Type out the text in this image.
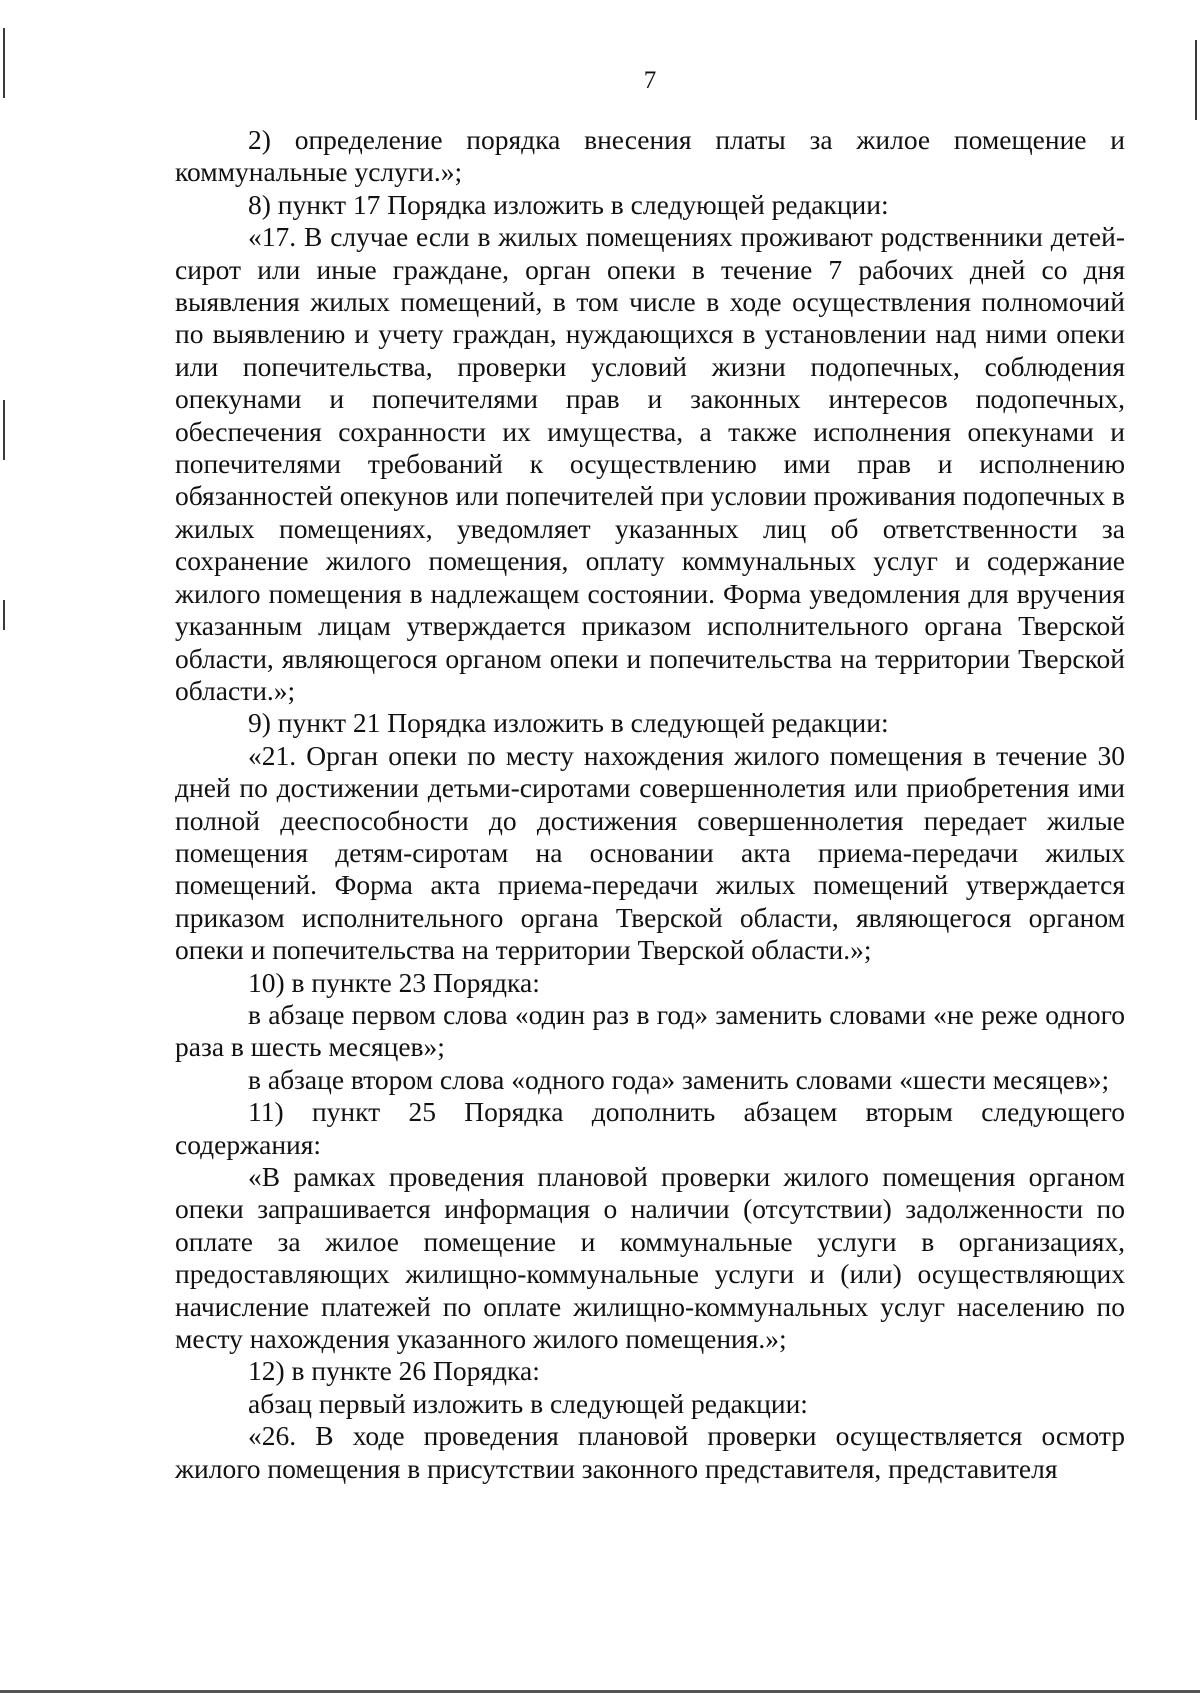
7

2) определение порядка внесения платы за жилое помещение и коммунальные услуги.»;

8) пункт 17 Порядка изложить в следующей редакции:

«17. В случае если в жилых помещениях проживают родственники детей-сирот или иные граждане, орган опеки в течение 7 рабочих дней со дня выявления жилых помещений, в том числе в ходе осуществления полномочий по выявлению и учету граждан, нуждающихся в установлении над ними опеки или попечительства, проверки условий жизни подопечных, соблюдения опекунами и попечителями прав и законных интересов подопечных, обеспечения сохранности их имущества, а также исполнения опекунами и попечителями требований к осуществлению ими прав и исполнению обязанностей опекунов или попечителей при условии проживания подопечных в жилых помещениях, уведомляет указанных лиц об ответственности за сохранение жилого помещения, оплату коммунальных услуг и содержание жилого помещения в надлежащем состоянии. Форма уведомления для вручения указанным лицам утверждается приказом исполнительного органа Тверской области, являющегося органом опеки и попечительства на территории Тверской области.»;

9) пункт 21 Порядка изложить в следующей редакции:

«21. Орган опеки по месту нахождения жилого помещения в течение 30 дней по достижении детьми-сиротами совершеннолетия или приобретения ими полной дееспособности до достижения совершеннолетия передает жилые помещения детям-сиротам на основании акта приема-передачи жилых помещений. Форма акта приема-передачи жилых помещений утверждается приказом исполнительного органа Тверской области, являющегося органом опеки и попечительства на территории Тверской области.»;

10) в пункте 23 Порядка:

в абзаце первом слова «один раз в год» заменить словами «не реже одного раза в шесть месяцев»;

в абзаце втором слова «одного года» заменить словами «шести месяцев»;

11) пункт 25 Порядка дополнить абзацем вторым следующего содержания:

«В рамках проведения плановой проверки жилого помещения органом опеки запрашивается информация о наличии (отсутствии) задолженности по оплате за жилое помещение и коммунальные услуги в организациях, предоставляющих жилищно-коммунальные услуги и (или) осуществляющих начисление платежей по оплате жилищно-коммунальных услуг населению по месту нахождения указанного жилого помещения.»;

12) в пункте 26 Порядка:

абзац первый изложить в следующей редакции:

«26. В ходе проведения плановой проверки осуществляется осмотр жилого помещения в присутствии законного представителя, представителя
